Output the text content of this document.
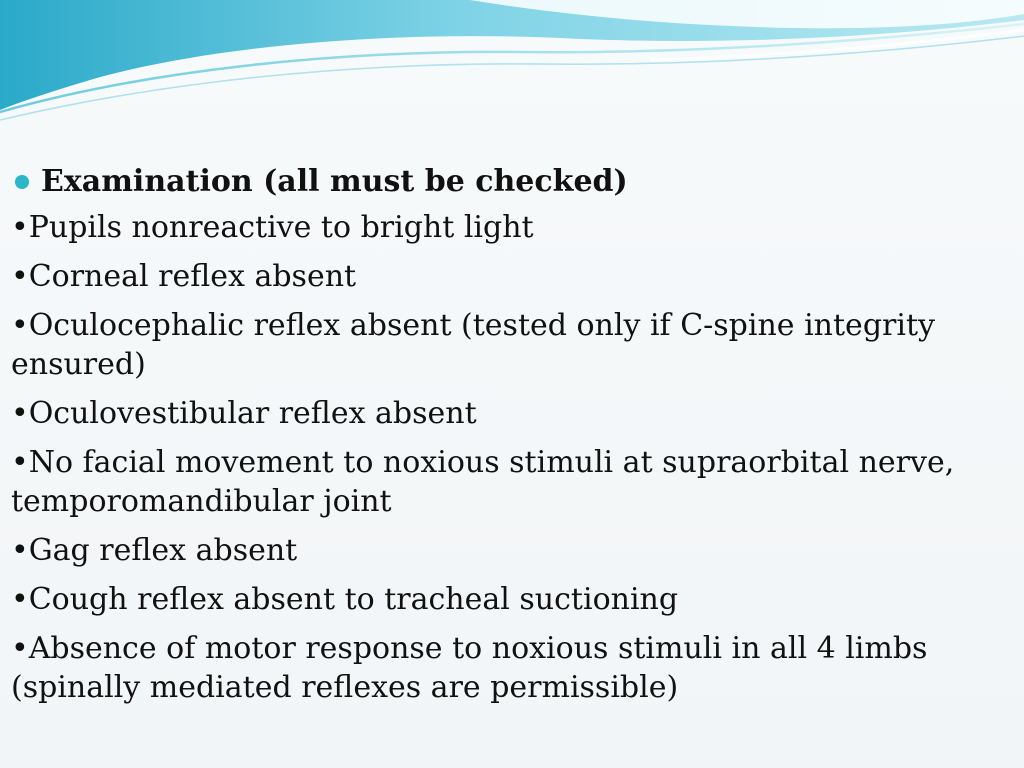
Examination (all must be checked)
•Pupils nonreactive to bright light
•Corneal reflex absent
•Oculocephalic reflex absent (tested only if C-spine integrity ensured)
•Oculovestibular reflex absent
•No facial movement to noxious stimuli at supraorbital nerve, temporomandibular joint
•Gag reflex absent
•Cough reflex absent to tracheal suctioning
•Absence of motor response to noxious stimuli in all 4 limbs (spinally mediated reflexes are permissible)
